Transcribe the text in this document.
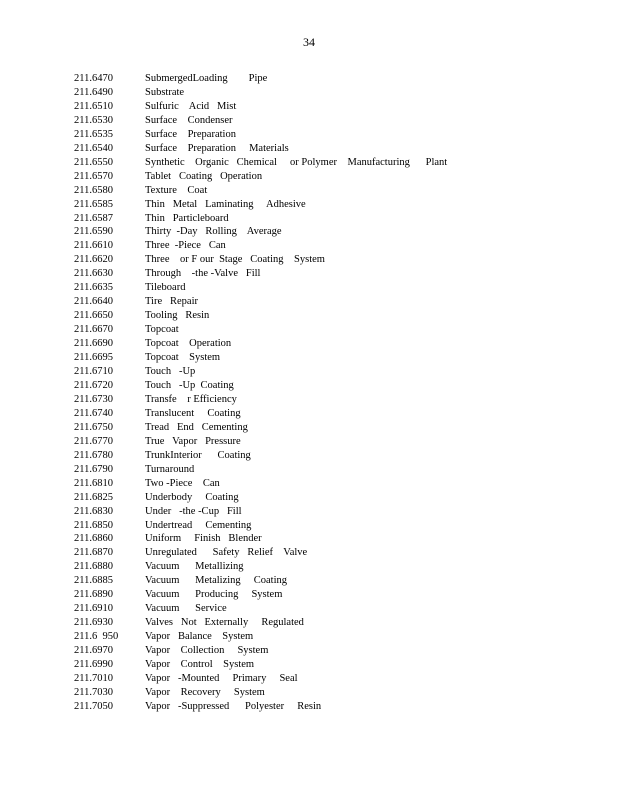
34
211.6470	SubmergedLoading        Pipe
211.6490	Substrate
211.6510	Sulfuric    Acid   Mist
211.6530	Surface    Condenser
211.6535	Surface    Preparation
211.6540	Surface    Preparation     Materials
211.6550	Synthetic    Organic   Chemical     or Polymer    Manufacturing      Plant
211.6570	Tablet   Coating   Operation
211.6580	Texture    Coat
211.6585	Thin   Metal   Laminating     Adhesive
211.6587	Thin   Particleboard
211.6590	Thirty  -Day   Rolling    Average
211.6610	Three  -Piece   Can
211.6620	Three    or F our  Stage   Coating    System
211.6630	Through    -the -Valve   Fill
211.6635	Tileboard
211.6640	Tire   Repair
211.6650	Tooling   Resin
211.6670	Topcoat
211.6690	Topcoat    Operation
211.6695	Topcoat    System
211.6710	Touch   -Up
211.6720	Touch   -Up  Coating
211.6730	Transfe    r Efficiency
211.6740	Translucent     Coating
211.6750	Tread   End   Cementing
211.6770	True   Vapor   Pressure
211.6780	TrunkInterior      Coating
211.6790	Turnaround
211.6810	Two -Piece    Can
211.6825	Underbody     Coating
211.6830	Under   -the -Cup   Fill
211.6850	Undertread     Cementing
211.6860	Uniform     Finish   Blender
211.6870	Unregulated      Safety   Relief    Valve
211.6880	Vacuum      Metallizing
211.6885	Vacuum      Metalizing     Coating
211.6890	Vacuum      Producing     System
211.6910	Vacuum      Service
211.6930	Valves   Not   Externally     Regulated
211.6  950	Vapor   Balance    System
211.6970	Vapor    Collection     System
211.6990	Vapor    Control    System
211.7010	Vapor   -Mounted     Primary     Seal
211.7030	Vapor    Recovery     System
211.7050	Vapor   -Suppressed      Polyester     Resin
